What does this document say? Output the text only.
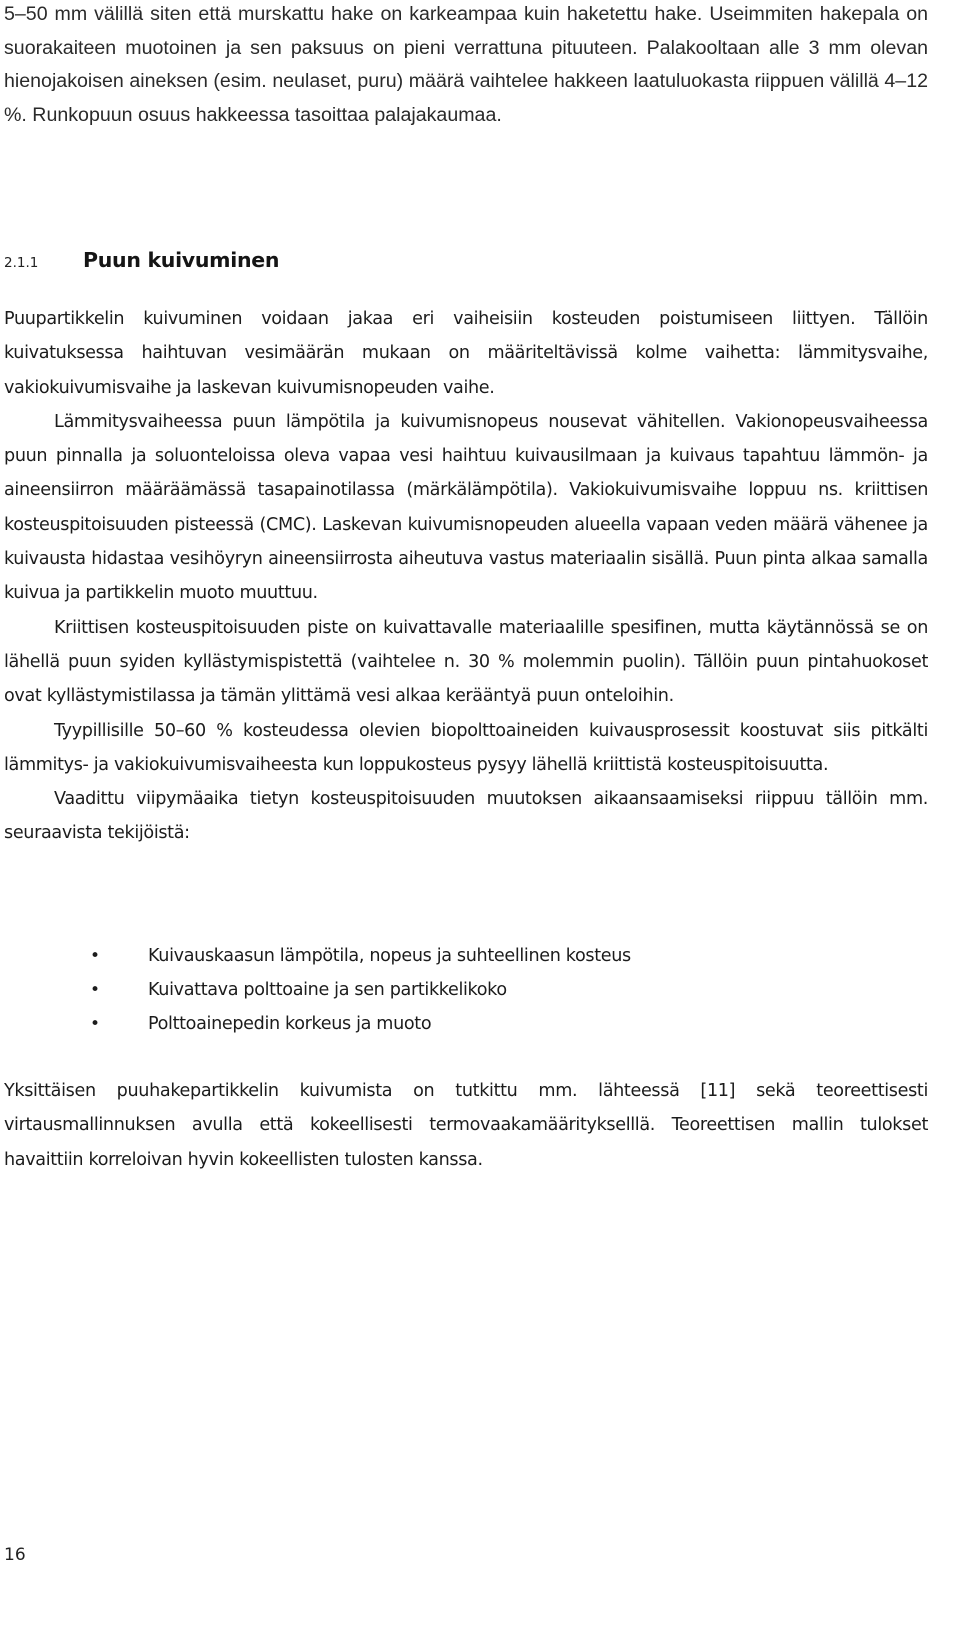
5–50 mm välillä siten että murskattu hake on karkeampaa kuin haketettu hake. Useimmiten hakepala on suorakaiteen muotoinen ja sen paksuus on pieni verrattuna pituuteen. Palakooltaan alle 3 mm olevan hienojakoisen aineksen (esim. neulaset, puru) määrä vaihtelee hakkeen laatuluokasta riippuen välillä 4–12 %. Runkopuun osuus hakkeessa tasoittaa palajakaumaa.

2.1.1	Puun kuivuminen

Puupartikkelin kuivuminen voidaan jakaa eri vaiheisiin kosteuden poistumiseen liittyen. Tällöin kuivatuksessa haihtuvan vesimäärän mukaan on määriteltävissä kolme vaihetta: lämmitysvaihe, vakiokuivumisvaihe ja laskevan kuivumisnopeuden vaihe.

Lämmitysvaiheessa puun lämpötila ja kuivumisnopeus nousevat vähitellen. Vakionopeusvaiheessa puun pinnalla ja soluonteloissa oleva vapaa vesi haihtuu kuivausilmaan ja kuivaus tapahtuu lämmön- ja aineensiirron määräämässä tasapainotilassa (märkälämpötila). Vakiokuivumisvaihe loppuu ns. kriittisen kosteuspitoisuuden pisteessä (CMC). Laskevan kuivumisnopeuden alueella vapaan veden määrä vähenee ja kuivausta hidastaa vesihöyryn aineensiirrosta aiheutuva vastus materiaalin sisällä. Puun pinta alkaa samalla kuivua ja partikkelin muoto muuttuu.

Kriittisen kosteuspitoisuuden piste on kuivattavalle materiaalille spesifinen, mutta käytännössä se on lähellä puun syiden kyllästymispistettä (vaihtelee n. 30 % molemmin puolin). Tällöin puun pintahuokoset ovat kyllästymistilassa ja tämän ylittämä vesi alkaa kerääntyä puun onteloihin.

Tyypillisille 50–60 % kosteudessa olevien biopolttoaineiden kuivausprosessit koostuvat siis pitkälti lämmitys- ja vakiokuivumisvaiheesta kun loppukosteus pysyy lähellä kriittistä kosteuspitoisuutta.

Vaadittu viipymäaika tietyn kosteuspitoisuuden muutoksen aikaansaamiseksi riippuu tällöin mm. seuraavista tekijöistä:

•	Kuivauskaasun lämpötila, nopeus ja suhteellinen kosteus
•	Kuivattava polttoaine ja sen partikkelikoko
•	Polttoainepedin korkeus ja muoto

Yksittäisen puuhakepartikkelin kuivumista on tutkittu mm. lähteessä [11] sekä teoreettisesti virtausmallinnuksen avulla että kokeellisesti termovaakamääritykselllä. Teoreettisen mallin tulokset havaittiin korreloivan hyvin kokeellisten tulosten kanssa.

16
